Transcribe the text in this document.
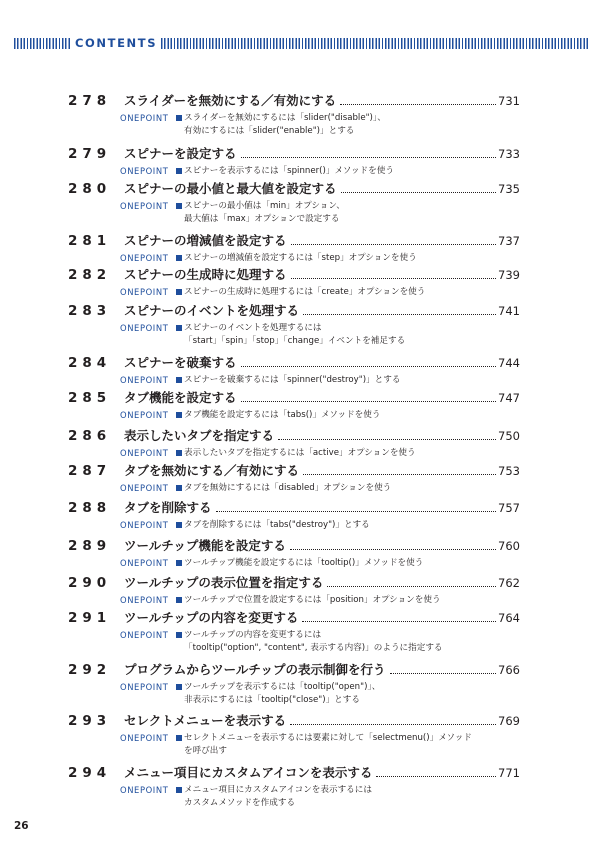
CONTENTS
278	スライダーを無効にする／有効にする	731
ONEPOINT スライダーを無効にするには「slider("disable")」、
有効にするには「slider("enable")」とする
279	スピナーを設定する	733
ONEPOINT スピナーを表示するには「spinner()」メソッドを使う
280	スピナーの最小値と最大値を設定する	735
ONEPOINT スピナーの最小値は「min」オプション、
最大値は「max」オプションで設定する
281	スピナーの増減値を設定する	737
ONEPOINT スピナーの増減値を設定するには「step」オプションを使う
282	スピナーの生成時に処理する	739
ONEPOINT スピナーの生成時に処理するには「create」オプションを使う
283	スピナーのイベントを処理する	741
ONEPOINT スピナーのイベントを処理するには
「start」「spin」「stop」「change」イベントを補足する
284	スピナーを破棄する	744
ONEPOINT スピナーを破棄するには「spinner("destroy")」とする
285	タブ機能を設定する	747
ONEPOINT タブ機能を設定するには「tabs()」メソッドを使う
286	表示したいタブを指定する	750
ONEPOINT 表示したいタブを指定するには「active」オプションを使う
287	タブを無効にする／有効にする	753
ONEPOINT タブを無効にするには「disabled」オプションを使う
288	タブを削除する	757
ONEPOINT タブを削除するには「tabs("destroy")」とする
289	ツールチップ機能を設定する	760
ONEPOINT ツールチップ機能を設定するには「tooltip()」メソッドを使う
290	ツールチップの表示位置を指定する	762
ONEPOINT ツールチップで位置を設定するには「position」オプションを使う
291	ツールチップの内容を変更する	764
ONEPOINT ツールチップの内容を変更するには
「tooltip("option", "content", 表示する内容)」のように指定する
292	プログラムからツールチップの表示制御を行う	766
ONEPOINT ツールチップを表示するには「tooltip("open")」、
非表示にするには「tooltip("close")」とする
293	セレクトメニューを表示する	769
ONEPOINT セレクトメニューを表示するには要素に対して「selectmenu()」メソッド
を呼び出す
294	メニュー項目にカスタムアイコンを表示する	771
ONEPOINT メニュー項目にカスタムアイコンを表示するには
カスタムメソッドを作成する
26
